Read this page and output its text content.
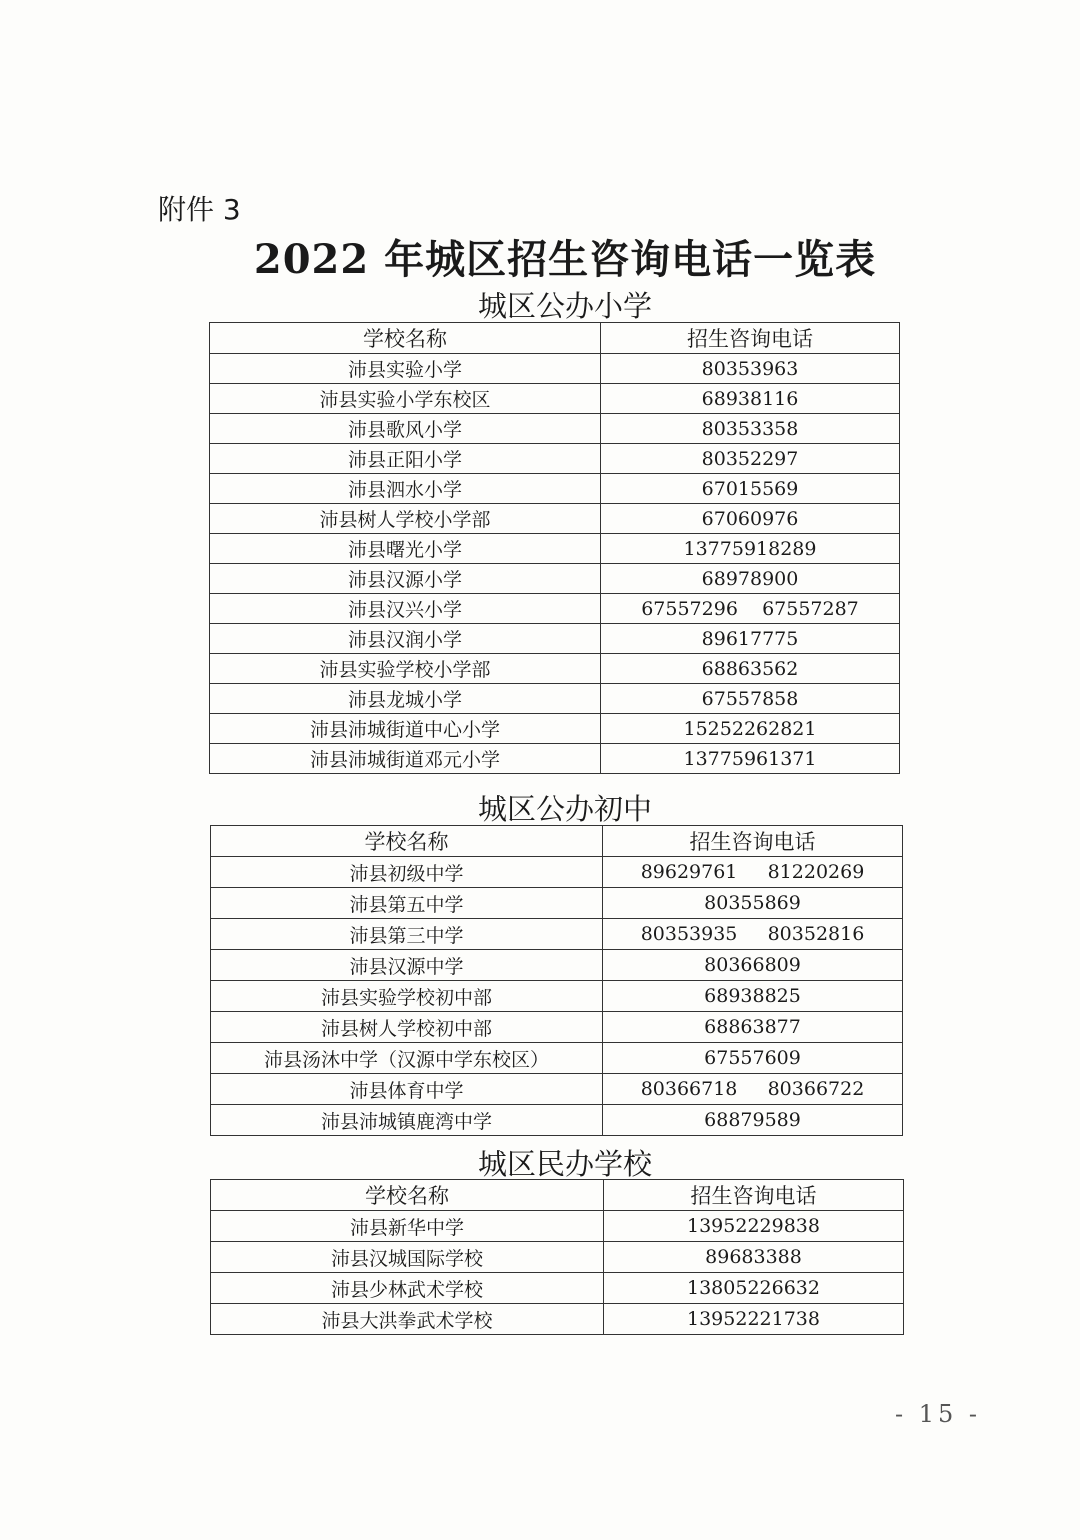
附件 3
2022 年城区招生咨询电话一览表
城区公办小学
学校名称	招生咨询电话
沛县实验小学	80353963
沛县实验小学东校区	68938116
沛县歌风小学	80353358
沛县正阳小学	80352297
沛县泗水小学	67015569
沛县树人学校小学部	67060976
沛县曙光小学	13775918289
沛县汉源小学	68978900
沛县汉兴小学	67557296    67557287
沛县汉润小学	89617775
沛县实验学校小学部	68863562
沛县龙城小学	67557858
沛县沛城街道中心小学	15252262821
沛县沛城街道邓元小学	13775961371
城区公办初中
学校名称	招生咨询电话
沛县初级中学	89629761     81220269
沛县第五中学	80355869
沛县第三中学	80353935     80352816
沛县汉源中学	80366809
沛县实验学校初中部	68938825
沛县树人学校初中部	68863877
沛县汤沐中学（汉源中学东校区）	67557609
沛县体育中学	80366718     80366722
沛县沛城镇鹿湾中学	68879589
城区民办学校
学校名称	招生咨询电话
沛县新华中学	13952229838
沛县汉城国际学校	89683388
沛县少林武术学校	13805226632
沛县大洪拳武术学校	13952221738
- 15 -
